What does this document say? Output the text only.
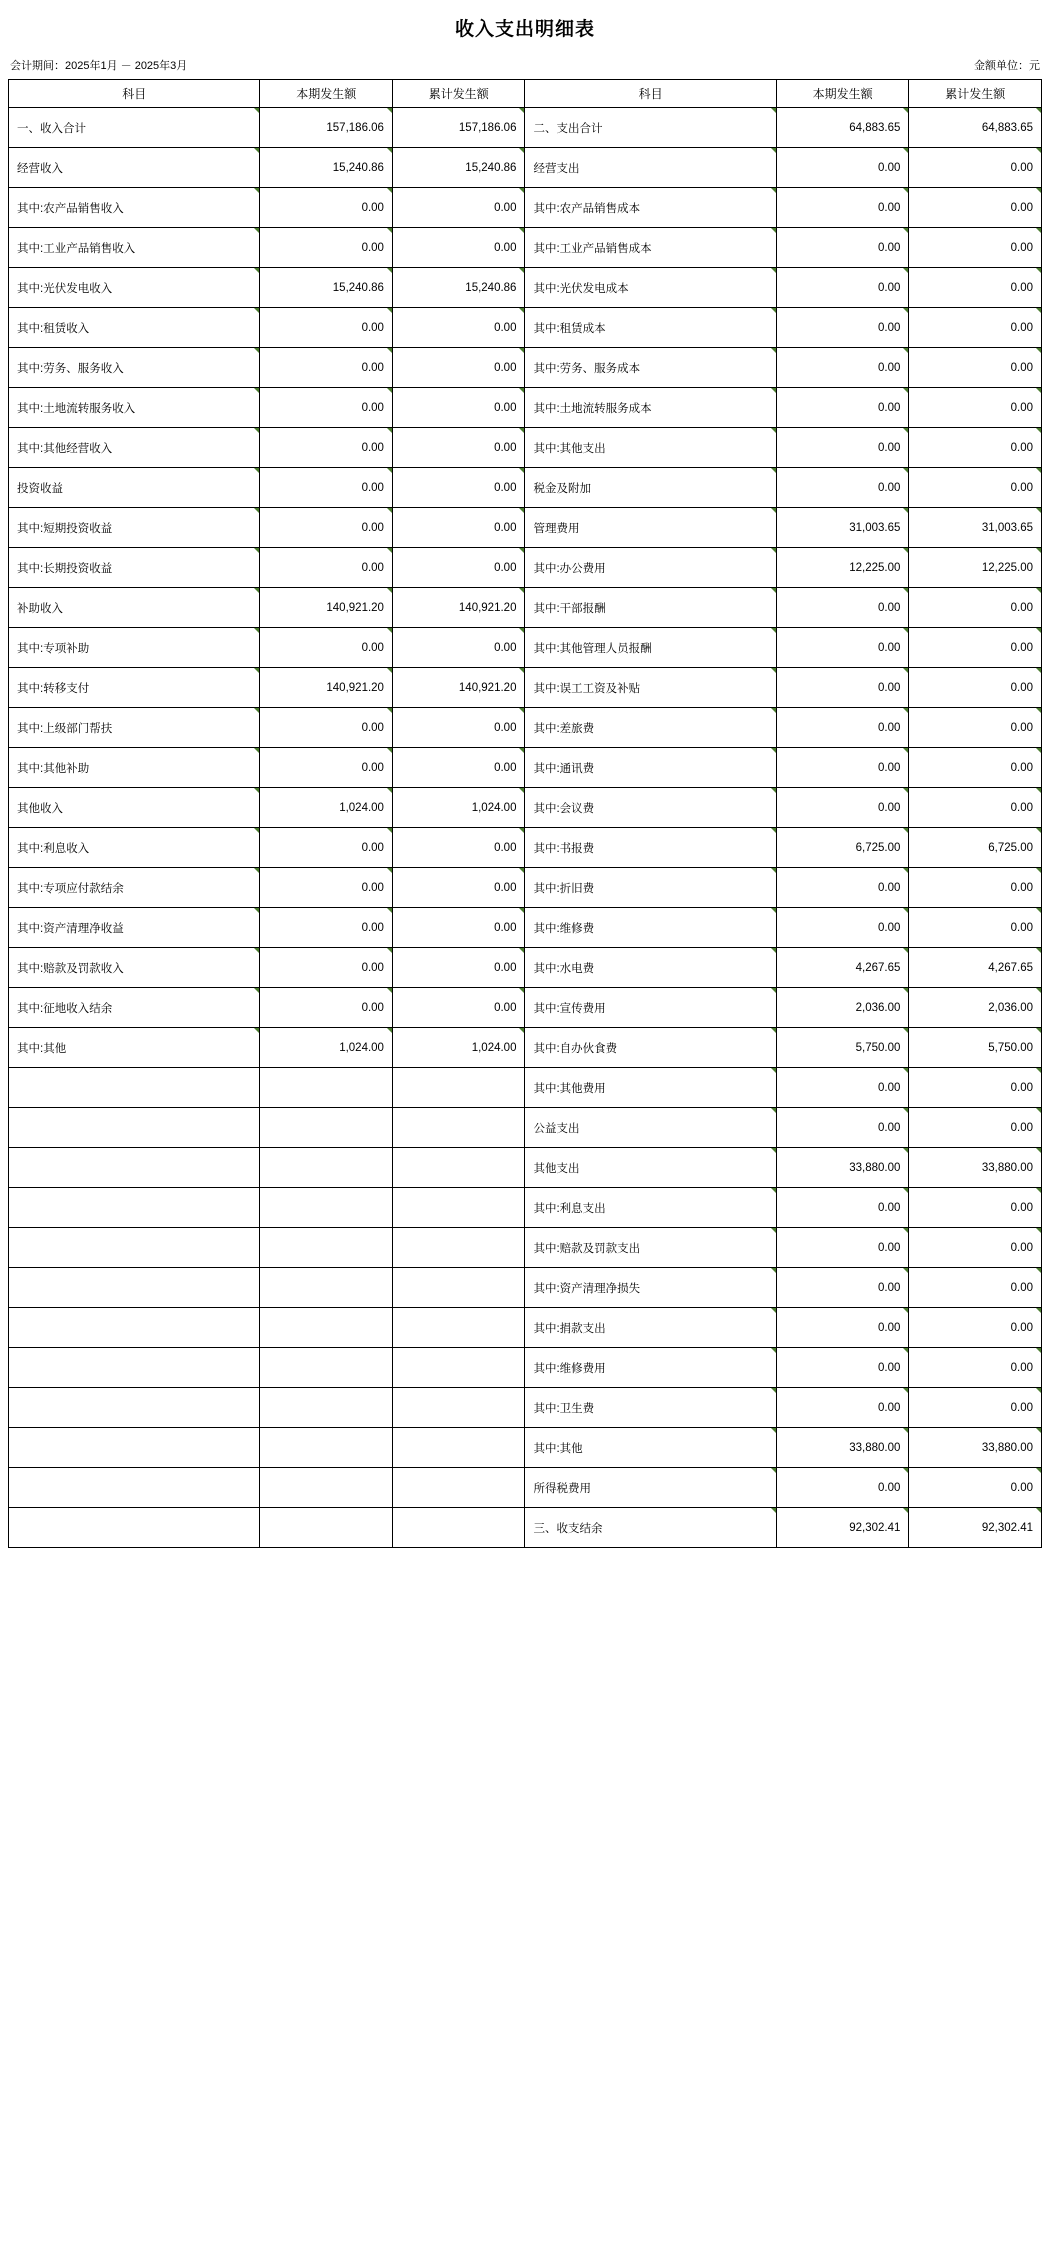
收入支出明细表
会计期间：2025年1月 － 2025年3月	金额单位：元
科目	本期发生额	累计发生额	科目	本期发生额	累计发生额
一、收入合计	157,186.06	157,186.06	二、支出合计	64,883.65	64,883.65
经营收入	15,240.86	15,240.86	经营支出	0.00	0.00
其中:农产品销售收入	0.00	0.00	其中:农产品销售成本	0.00	0.00
其中:工业产品销售收入	0.00	0.00	其中:工业产品销售成本	0.00	0.00
其中:光伏发电收入	15,240.86	15,240.86	其中:光伏发电成本	0.00	0.00
其中:租赁收入	0.00	0.00	其中:租赁成本	0.00	0.00
其中:劳务、服务收入	0.00	0.00	其中:劳务、服务成本	0.00	0.00
其中:土地流转服务收入	0.00	0.00	其中:土地流转服务成本	0.00	0.00
其中:其他经营收入	0.00	0.00	其中:其他支出	0.00	0.00
投资收益	0.00	0.00	税金及附加	0.00	0.00
其中:短期投资收益	0.00	0.00	管理费用	31,003.65	31,003.65
其中:长期投资收益	0.00	0.00	其中:办公费用	12,225.00	12,225.00
补助收入	140,921.20	140,921.20	其中:干部报酬	0.00	0.00
其中:专项补助	0.00	0.00	其中:其他管理人员报酬	0.00	0.00
其中:转移支付	140,921.20	140,921.20	其中:误工工资及补贴	0.00	0.00
其中:上级部门帮扶	0.00	0.00	其中:差旅费	0.00	0.00
其中:其他补助	0.00	0.00	其中:通讯费	0.00	0.00
其他收入	1,024.00	1,024.00	其中:会议费	0.00	0.00
其中:利息收入	0.00	0.00	其中:书报费	6,725.00	6,725.00
其中:专项应付款结余	0.00	0.00	其中:折旧费	0.00	0.00
其中:资产清理净收益	0.00	0.00	其中:维修费	0.00	0.00
其中:赔款及罚款收入	0.00	0.00	其中:水电费	4,267.65	4,267.65
其中:征地收入结余	0.00	0.00	其中:宣传费用	2,036.00	2,036.00
其中:其他	1,024.00	1,024.00	其中:自办伙食费	5,750.00	5,750.00
			其中:其他费用	0.00	0.00
			公益支出	0.00	0.00
			其他支出	33,880.00	33,880.00
			其中:利息支出	0.00	0.00
			其中:赔款及罚款支出	0.00	0.00
			其中:资产清理净损失	0.00	0.00
			其中:捐款支出	0.00	0.00
			其中:维修费用	0.00	0.00
			其中:卫生费	0.00	0.00
			其中:其他	33,880.00	33,880.00
			所得税费用	0.00	0.00
			三、收支结余	92,302.41	92,302.41
